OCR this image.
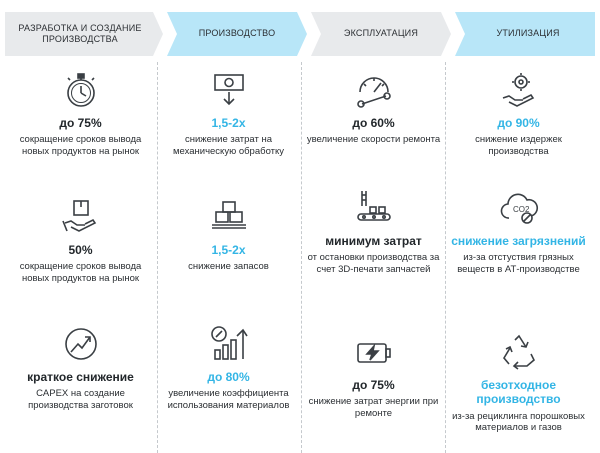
РАЗРАБОТКА И СОЗДАНИЕ ПРОИЗВОДСТВА
ПРОИЗВОДСТВО	ЭКСПЛУАТАЦИЯ	УТИЛИЗАЦИЯ
до 75%
сокращение сроков вывода новых продуктов на рынок
50%
сокращение сроков вывода новых продуктов на рынок
краткое снижение
CAPEX на создание производства заготовок
1,5-2х
снижение затрат на механическую обработку
1,5-2х
снижение запасов
до 80%
увеличение коэффициента использования материалов
до 60%
увеличение скорости ремонта
минимум затрат
от остановки производства за счет 3D-печати запчастей
до 75%
снижение затрат энергии при ремонте
до 90%
снижение издержек производства
CO2
снижение загрязнений
из-за отстуствия грязных веществ в АТ-производстве
безотходное производство
из-за рециклинга порошковых материалов и газов
